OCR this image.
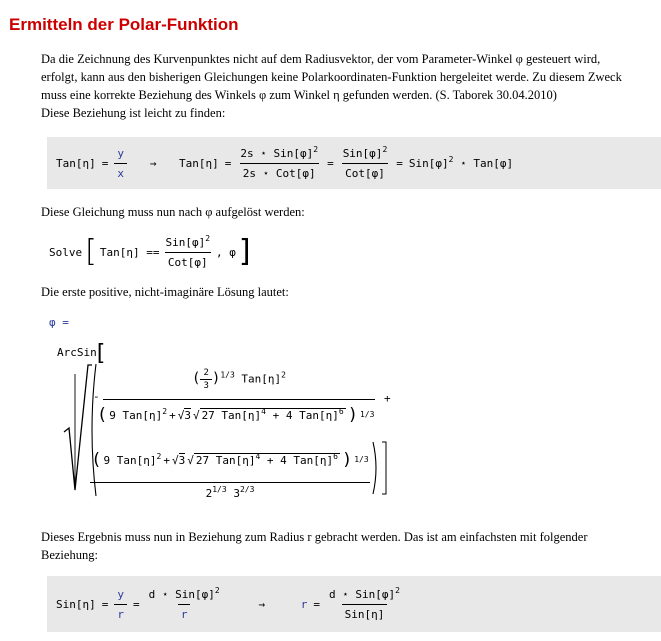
Ermitteln der Polar-Funktion
Da die Zeichnung des Kurvenpunktes nicht auf dem Radiusvektor, der vom Parameter-Winkel φ gesteuert wird,
erfolgt, kann aus den bisherigen Gleichungen keine Polarkoordinaten-Funktion hergeleitet werde. Zu diesem Zweck
muss eine korrekte Beziehung des Winkels φ zum Winkel η gefunden werden. (S. Taborek 30.04.2010)
Diese Beziehung ist leicht zu finden:
$Tan[\eta] = \frac{y}{x}$	→	$Tan[\eta] = \frac{2s ⋆ Sin[\varphi]^2}{\text{2s ⋆ Cot[φ]}} = \frac{Sin[\varphi]^2}{\text{Cot[φ]}} = Sin[\varphi]^2$ ⋆ Tan[φ]
Diese Gleichung muss nun nach φ aufgelöst werden:
Solve [ $Tan[\eta] == \frac{Sin[\varphi]^2}{\text{Cot[φ]}}$ , φ ]
Die erste positive, nicht-imaginäre Lösung lautet:
φ =
ArcSin[
-
( $\frac{2}{3} )^{1/3}$ $Tan[\eta]^2$
( 9 $Tan[\eta]^2 + √3$ √ 27 $Tan[\eta]^4 + 4$ $Tan[\eta]^6$ ) 1/3
+
( 9 $Tan[\eta]^2 + √3$ √ 27 $Tan[\eta]^4 + 4$ $Tan[\eta]^6$ ) 1/3
$2^{1/3}$ $3^{2/3}$
Dieses Ergebnis muss nun in Beziehung zum Radius r gebracht werden. Das ist am einfachsten mit folgender
Beziehung:
$Sin[\eta] = \frac{y}{r} = \frac{d ⋆ Sin[\varphi]^2}{r}$	→	$r = \frac{d ⋆ Sin[\varphi]^2}{\text{Sin[η]}}$
